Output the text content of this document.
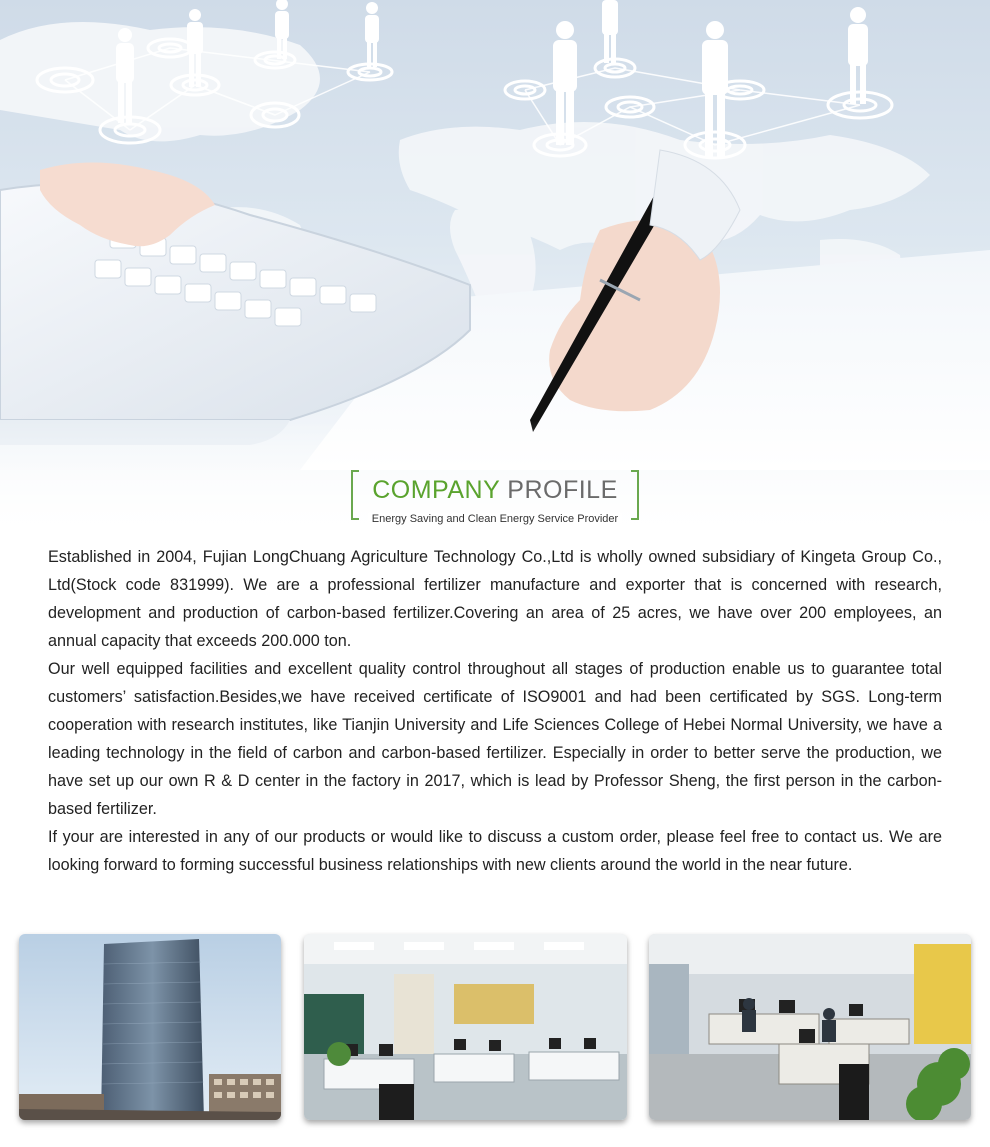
COMPANY PROFILE
Energy Saving and Clean Energy Service Provider

Established in 2004, Fujian LongChuang Agriculture Technology Co.,Ltd is wholly owned subsidiary of Kingeta Group Co., Ltd(Stock code 831999). We are a professional fertilizer manufacture and exporter that is concerned with research, development and production of carbon-based fertilizer.Covering an area of 25 acres, we have over 200 employees, an annual capacity that exceeds 200.000 ton.

Our well equipped facilities and excellent quality control throughout all stages of production enable us to guarantee total customers’ satisfaction.Besides,we have received certificate of ISO9001 and had been certificated by SGS. Long-term cooperation with research institutes, like Tianjin University and Life Sciences College of Hebei Normal University, we have a leading technology in the field of carbon and carbon-based fertilizer. Especially in order to better serve the production, we have set up our own R & D center in the factory in 2017, which is lead by Professor Sheng, the first person in the carbon-based fertilizer.

If your are interested in any of our products or would like to discuss a custom order, please feel free to contact us. We are looking forward to forming successful business relationships with new clients around the world in the near future.
